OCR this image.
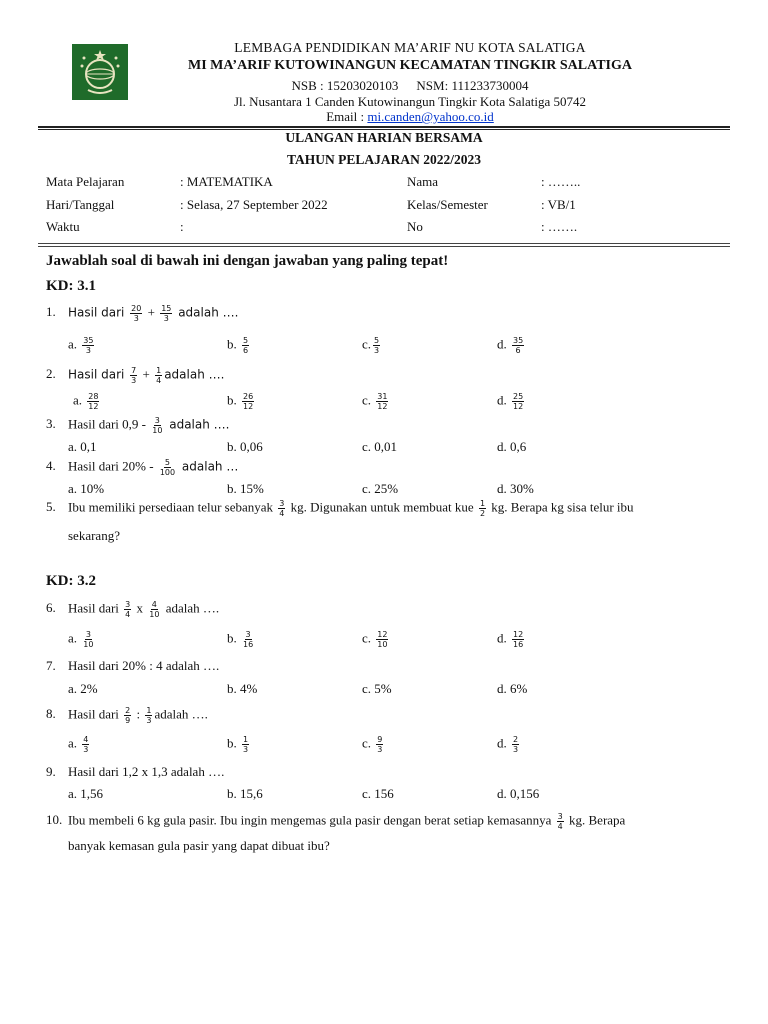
LEMBAGA PENDIDIKAN MA’ARIF NU KOTA SALATIGA
MI MA’ARIF KUTOWINANGUN KECAMATAN TINGKIR SALATIGA
NSB : 15203020103 NSM: 111233730004
Jl. Nusantara 1 Canden Kutowinangun Tingkir Kota Salatiga 50742
Email : mi.canden@yahoo.co.id
ULANGAN HARIAN BERSAMA
TAHUN PELAJARAN 2022/2023
Mata Pelajaran	: MATEMATIKA	Nama	: ……..
Hari/Tanggal	: Selasa, 27 September 2022	Kelas/Semester	: VB/1
Waktu	:	No	: …….
Jawablah soal di bawah ini dengan jawaban yang paling tepat!
KD: 3.1
1. Hasil dari $\frac{20}{3} + \frac{15}{3}$ adalah ….
a. $\frac{35}{3}$	b. $\frac{5}{6}$	c. $\frac{5}{3}$	d. $\frac{35}{6}$
2. Hasil dari $\frac{7}{3} + \frac{1}{4}$ adalah ….
a. $\frac{28}{12}$	b. $\frac{26}{12}$	c. $\frac{31}{12}$	d. $\frac{25}{12}$
3. Hasil dari $0,9 - \frac{3}{10}$ adalah ….
a. 0,1	b. 0,06	c. 0,01	d. 0,6
4. Hasil dari $20\% - \frac{5}{100}$ adalah …
a. 10%	b. 15%	c. 25%	d. 30%
5. Ibu memiliki persediaan telur sebanyak $\frac{3}{4}$ kg. Digunakan untuk membuat kue $\frac{1}{2}$ kg. Berapa kg sisa telur ibu
sekarang?
KD: 3.2
6. Hasil dari $\frac{3}{4}$ x $\frac{4}{10}$ adalah ….
a. $\frac{3}{10}$	b. $\frac{3}{16}$	c. $\frac{12}{10}$	d. $\frac{12}{16}$
7. Hasil dari 20% : 4 adalah ….
a. 2%	b. 4%	c. 5%	d. 6%
8. Hasil dari $\frac{2}{9}$ : $\frac{1}{3}$ adalah ….
a. $\frac{4}{3}$	b. $\frac{1}{3}$	c. $\frac{9}{3}$	d. $\frac{2}{3}$
9. Hasil dari 1,2 x 1,3 adalah ….
a. 1,56	b. 15,6	c. 156	d. 0,156
10. Ibu membeli 6 kg gula pasir. Ibu ingin mengemas gula pasir dengan berat setiap kemasannya $\frac{3}{4}$ kg. Berapa
banyak kemasan gula pasir yang dapat dibuat ibu?
